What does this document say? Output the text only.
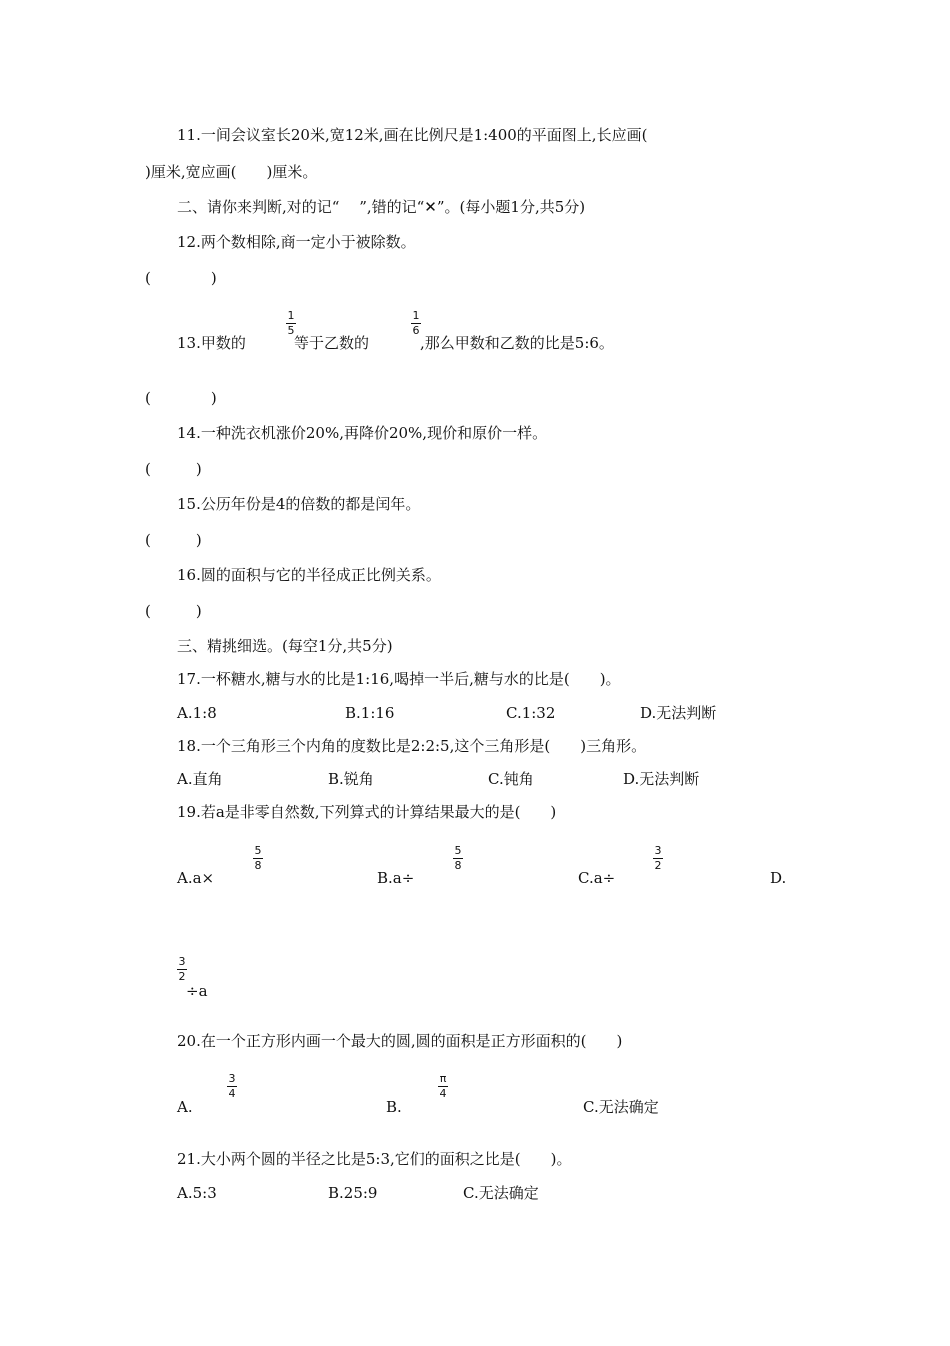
11.一间会议室长20米,宽12米,画在比例尺是1:400的平面图上,长应画(
)厘米,宽应画(　　)厘米。
二、请你来判断,对的记“　 ”,错的记“✕”。(每小题1分,共5分)
12.两个数相除,商一定小于被除数。
(　　　　)
13.甲数的
1
5
等于乙数的
1
6
,那么甲数和乙数的比是5:6。
(　　　　)
14.一种洗衣机涨价20%,再降价20%,现价和原价一样。
(　　　)
15.公历年份是4的倍数的都是闰年。
(　　　)
16.圆的面积与它的半径成正比例关系。
(　　　)
三、精挑细选。(每空1分,共5分)
17.一杯糖水,糖与水的比是1:16,喝掉一半后,糖与水的比是(　　)。
A.1:8	B.1:16	C.1:32	D.无法判断
18.一个三角形三个内角的度数比是2:2:5,这个三角形是(　　)三角形。
A.直角	B.锐角	C.钝角	D.无法判断
19.若a是非零自然数,下列算式的计算结果最大的是(　　)
A.a×
5
8
B.a÷
5
8
C.a÷
3
2
D.
3
2
÷a
20.在一个正方形内画一个最大的圆,圆的面积是正方形面积的(　　)
A.
3
4
B.
π
4
C.无法确定
21.大小两个圆的半径之比是5:3,它们的面积之比是(　　)。
A.5:3	B.25:9	C.无法确定
